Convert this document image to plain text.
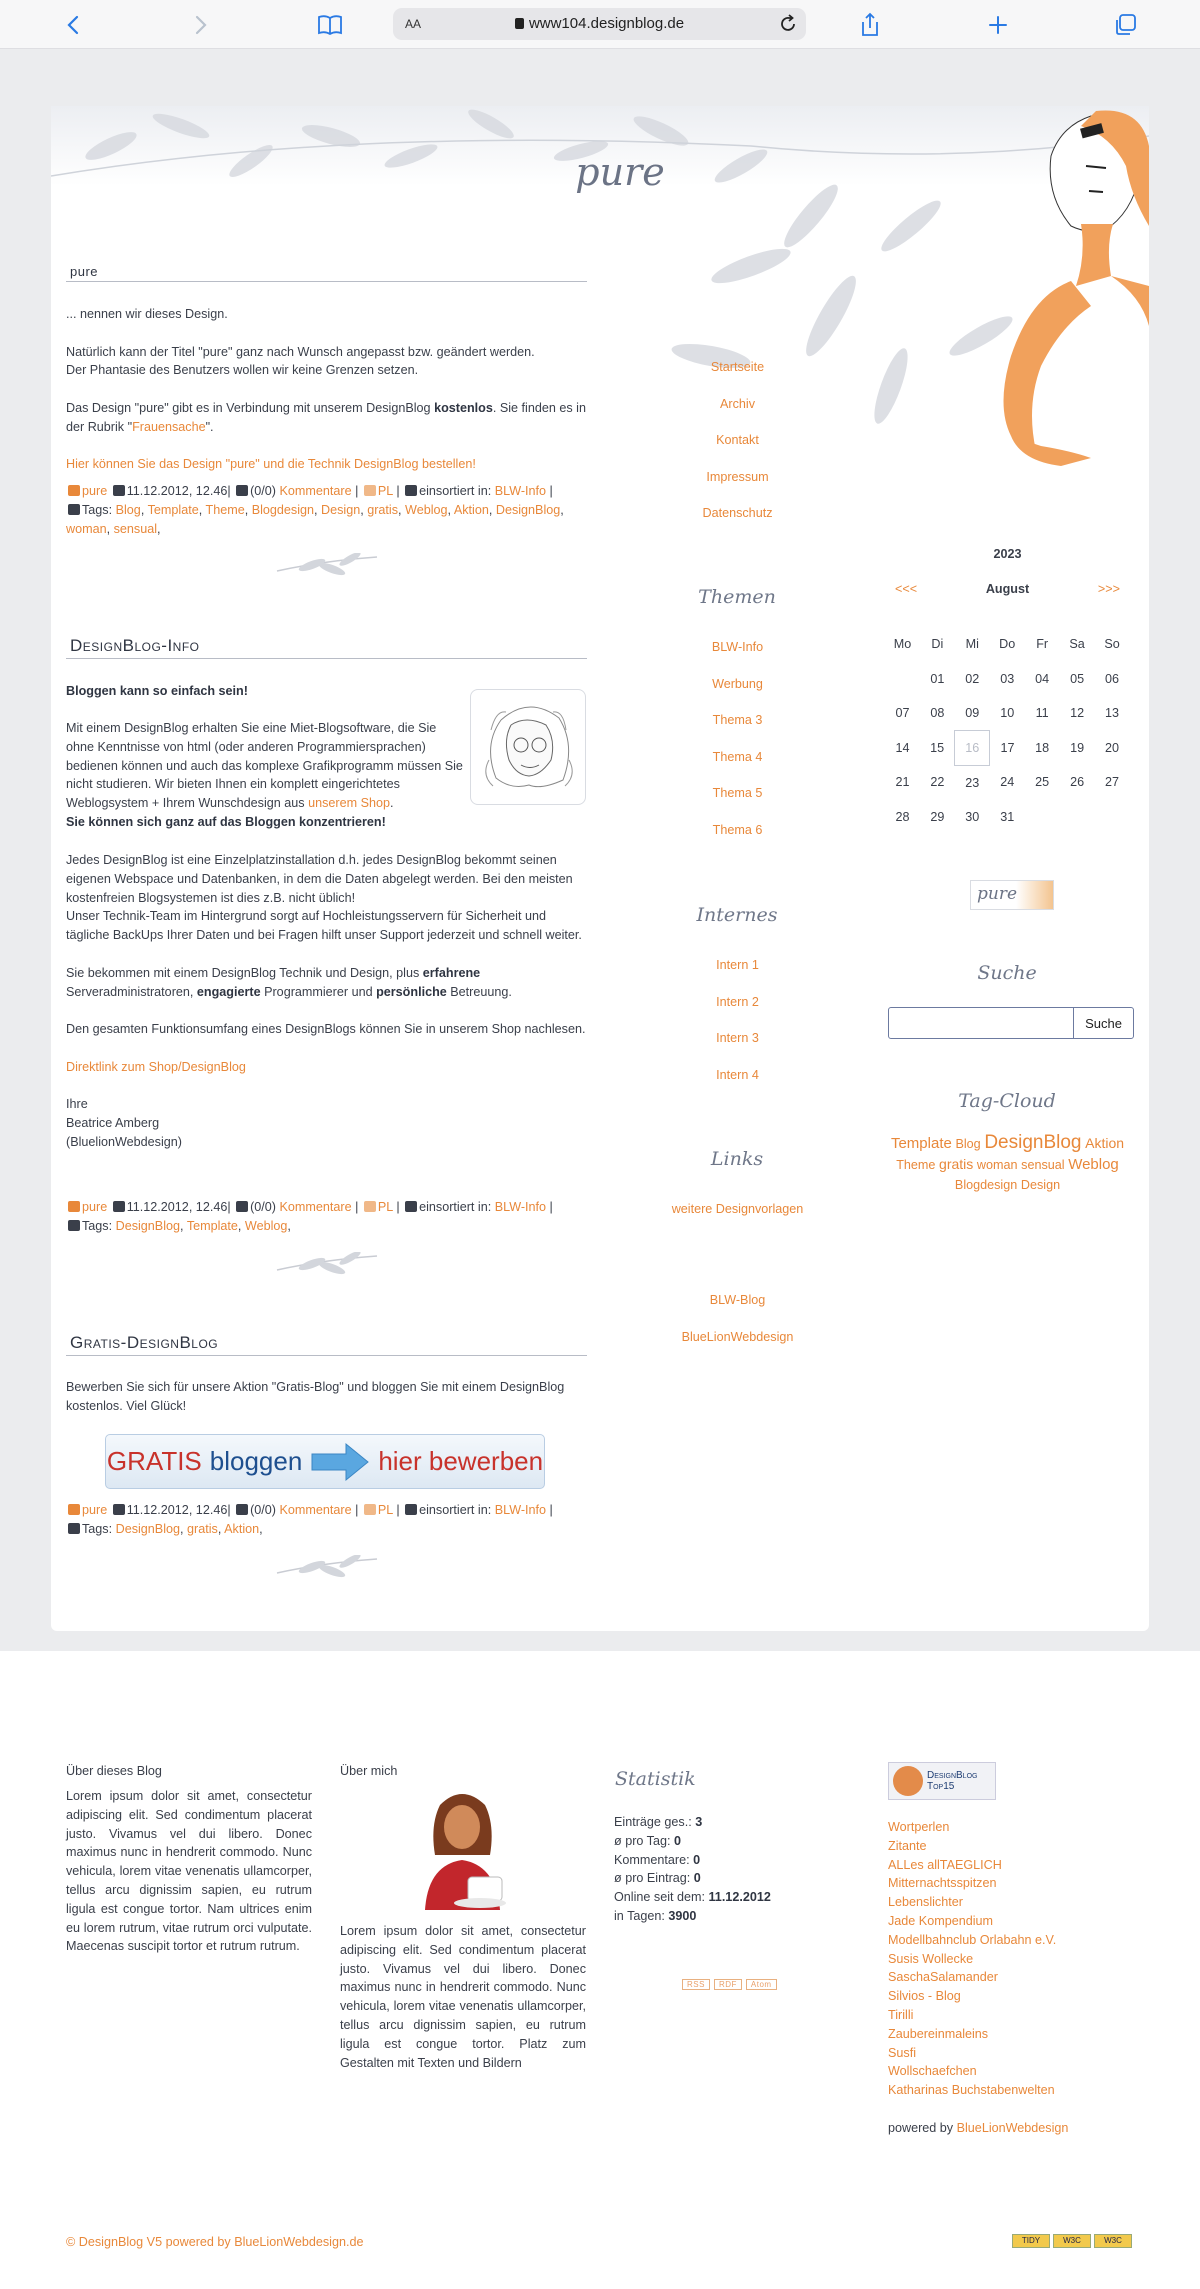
AA	www104.designblog.de
pure
pure

... nennen wir dieses Design.

Natürlich kann der Titel "pure" ganz nach Wunsch angepasst bzw. geändert werden.
Der Phantasie des Benutzers wollen wir keine Grenzen setzen.

Das Design "pure" gibt es in Verbindung mit unserem DesignBlog kostenlos. Sie finden es in der Rubrik "Frauensache".

Hier können Sie das Design "pure" und die Technik DesignBlog bestellen!

pure 11.12.2012, 12.46| (0/0) Kommentare | PL | einsortiert in: BLW-Info |
Tags: Blog, Template, Theme, Blogdesign, Design, gratis, Weblog, Aktion, DesignBlog, woman, sensual,
DesignBlog-Info

Bloggen kann so einfach sein!

Mit einem DesignBlog erhalten Sie eine Miet-Blogsoftware, die Sie ohne Kenntnisse von html (oder anderen Programmiersprachen) bedienen können und auch das komplexe Grafikprogramm müssen Sie nicht studieren. Wir bieten Ihnen ein komplett eingerichtetes Weblogsystem + Ihrem Wunschdesign aus unserem Shop.
Sie können sich ganz auf das Bloggen konzentrieren!

Jedes DesignBlog ist eine Einzelplatzinstallation d.h. jedes DesignBlog bekommt seinen eigenen Webspace und Datenbanken, in dem die Daten abgelegt werden. Bei den meisten kostenfreien Blogsystemen ist dies z.B. nicht üblich!
Unser Technik-Team im Hintergrund sorgt auf Hochleistungsservern für Sicherheit und tägliche BackUps Ihrer Daten und bei Fragen hilft unser Support jederzeit und schnell weiter.

Sie bekommen mit einem DesignBlog Technik und Design, plus erfahrene Serveradministratoren, engagierte Programmierer und persönliche Betreuung.

Den gesamten Funktionsumfang eines DesignBlogs können Sie in unserem Shop nachlesen.

Direktlink zum Shop/DesignBlog

Ihre
Beatrice Amberg
(BluelionWebdesign)

pure 11.12.2012, 12.46| (0/0) Kommentare | PL | einsortiert in: BLW-Info |
Tags: DesignBlog, Template, Weblog,
Gratis-DesignBlog
Bewerben Sie sich für unsere Aktion "Gratis-Blog" und bloggen Sie mit einem DesignBlog kostenlos. Viel Glück!
GRATIS bloggen	hier bewerben
pure 11.12.2012, 12.46| (0/0) Kommentare | PL | einsortiert in: BLW-Info |
Tags: DesignBlog, gratis, Aktion,
Startseite
Archiv
Kontakt
Impressum
Datenschutz
Themen
BLW-Info
Werbung
Thema 3
Thema 4
Thema 5
Thema 6
Internes
Intern 1
Intern 2
Intern 3
Intern 4
Links
weitere Designvorlagen
BLW-Blog
BlueLionWebdesign
2023
<<<	August	>>>
Mo	Di	Mi	Do	Fr	Sa	So
	01	02	03	04	05	06
07	08	09	10	11	12	13
14	15	16	17	18	19	20
21	22	23	24	25	26	27
28	29	30	31			
pure
Suche
Suche
Tag-Cloud
Template Blog DesignBlog Aktion Theme gratis woman sensual Weblog Blogdesign Design
Über dieses Blog
Lorem ipsum dolor sit amet, consectetur adipiscing elit. Sed condimentum placerat justo. Vivamus vel dui libero. Donec maximus nunc in hendrerit commodo. Nunc vehicula, lorem vitae venenatis ullamcorper, tellus arcu dignissim sapien, eu rutrum ligula est congue tortor. Nam ultrices enim eu lorem rutrum, vitae rutrum orci vulputate. Maecenas suscipit tortor et rutrum rutrum.
Über mich
Lorem ipsum dolor sit amet, consectetur adipiscing elit. Sed condimentum placerat justo. Vivamus vel dui libero. Donec maximus nunc in hendrerit commodo. Nunc vehicula, lorem vitae venenatis ullamcorper, tellus arcu dignissim sapien, eu rutrum ligula est congue tortor. Platz zum Gestalten mit Texten und Bildern
Statistik
Einträge ges.: 3
ø pro Tag: 0
Kommentare: 0
ø pro Eintrag: 0
Online seit dem: 11.12.2012
in Tagen: 3900
RSS RDF Atom
DesignBlog
Top15
Wortperlen
Zitante
ALLes allTAEGLICH
Mitternachtsspitzen
Lebenslichter
Jade Kompendium
Modellbahnclub Orlabahn e.V.
Susis Wollecke
SaschaSalamander
Silvios - Blog
Tirilli
Zaubereinmaleins
Susfi
Wollschaefchen
Katharinas Buchstabenwelten
powered by BlueLionWebdesign
© DesignBlog V5 powered by BlueLionWebdesign.de	TIDY	W3C	W3C
